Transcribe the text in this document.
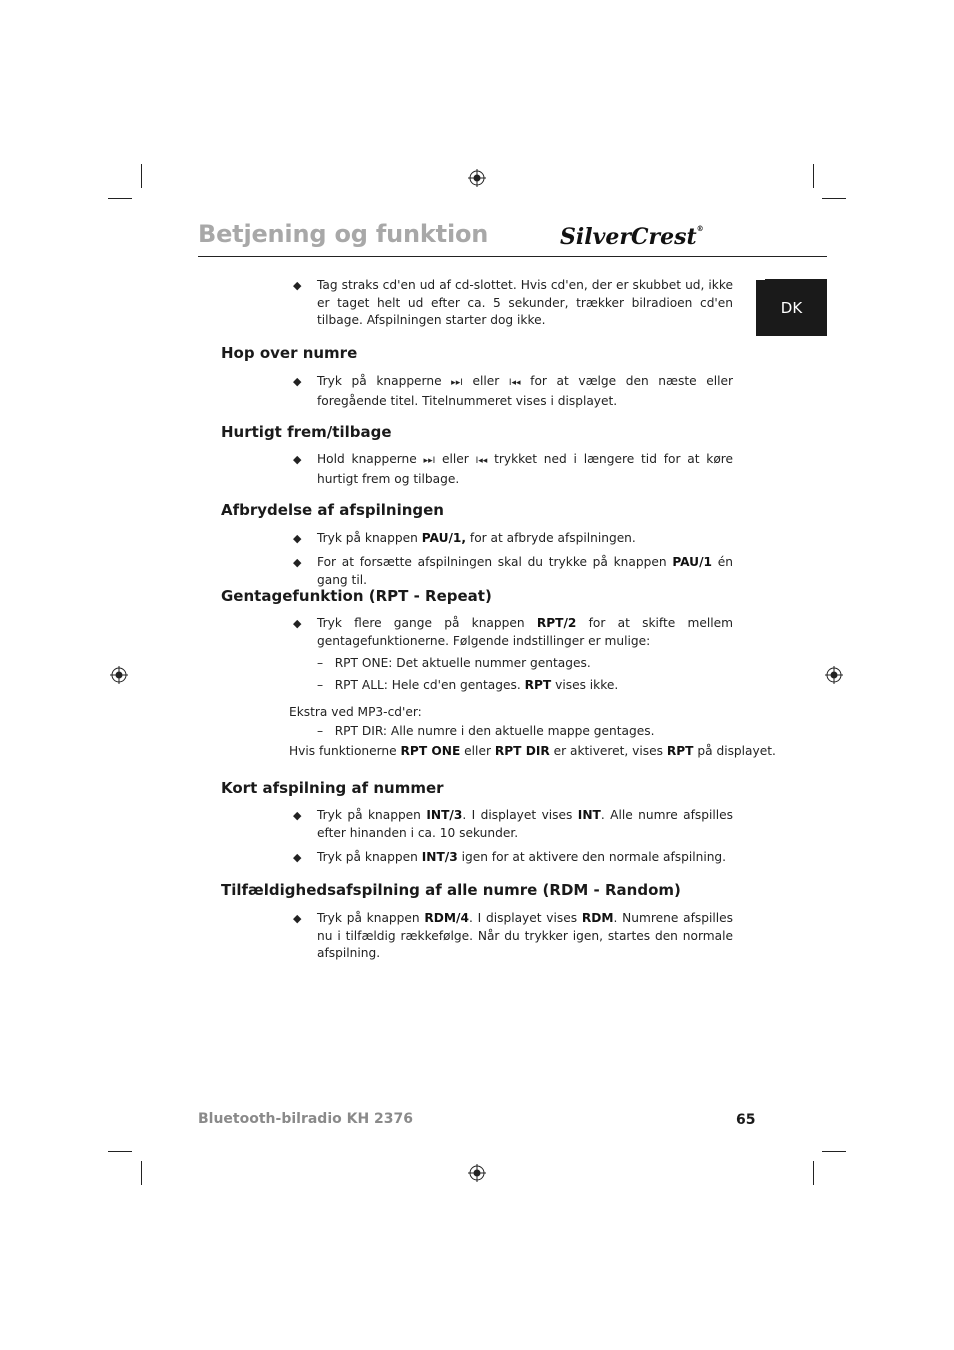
Betjening og funktion	SilverCrest®
DK
◆ Tag straks cd'en ud af cd-slottet. Hvis cd'en, der er skubbet ud, ikke er taget helt ud efter ca. 5 sekunder, trækker bilradioen cd'en tilbage. Afspilningen starter dog ikke.
Hop over numre
◆ Tryk på knapperne ▸▸I eller I◂◂ for at vælge den næste eller foregående titel. Titelnummeret vises i displayet.
Hurtigt frem/tilbage
◆ Hold knapperne ▸▸I eller I◂◂ trykket ned i længere tid for at køre hurtigt frem og tilbage.
Afbrydelse af afspilningen
◆ Tryk på knappen PAU/1, for at afbryde afspilningen.
◆ For at forsætte afspilningen skal du trykke på knappen PAU/1 én gang til.
Gentagefunktion (RPT - Repeat)
◆ Tryk flere gange på knappen RPT/2 for at skifte mellem gentagefunktionerne. Følgende indstillinger er mulige:
– RPT ONE: Det aktuelle nummer gentages.
– RPT ALL: Hele cd'en gentages. RPT vises ikke.
Ekstra ved MP3-cd'er:
– RPT DIR: Alle numre i den aktuelle mappe gentages.
Hvis funktionerne RPT ONE eller RPT DIR er aktiveret, vises RPT på displayet.
Kort afspilning af nummer
◆ Tryk på knappen INT/3. I displayet vises INT. Alle numre afspilles efter hinanden i ca. 10 sekunder.
◆ Tryk på knappen INT/3 igen for at aktivere den normale afspilning.
Tilfældighedsafspilning af alle numre (RDM - Random)
◆ Tryk på knappen RDM/4. I displayet vises RDM. Numrene afspilles nu i tilfældig rækkefølge. Når du trykker igen, startes den normale afspilning.
Bluetooth-bilradio KH 2376	65
